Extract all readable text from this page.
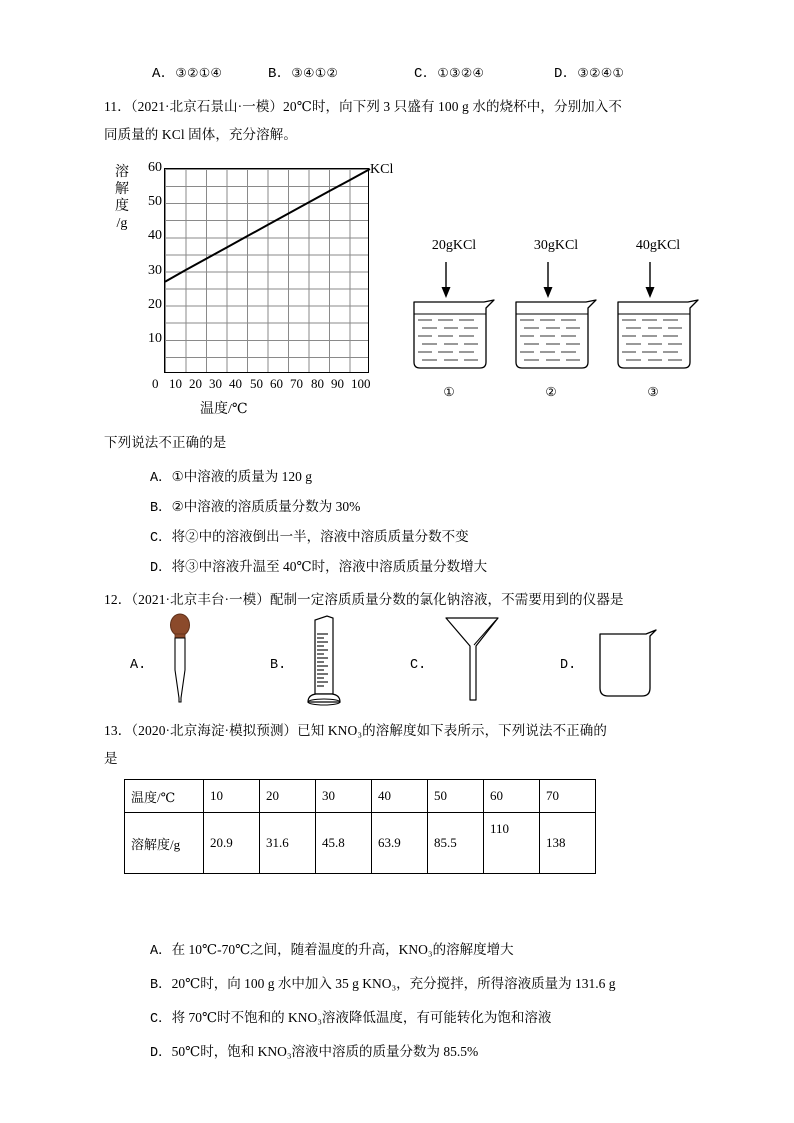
A．③②①④	B．③④①②	C．①③②④	D．③②④①
11．（2021·北京石景山·一模）20℃时，向下列 3 只盛有 100 g 水的烧杯中，分别加入不
同质量的 KCl 固体，充分溶解。
溶
解
度
/g
60
50
40
30
20
10
KCl
0 10 20 30 40 50 60 70 80 90 100
温度/℃
20gKCl
①
30gKCl
②
40gKCl
③
下列说法不正确的是
A．①中溶液的质量为 120 g
B．②中溶液的溶质质量分数为 30%
C．将②中的溶液倒出一半，溶液中溶质质量分数不变
D．将③中溶液升温至 40℃时，溶液中溶质质量分数增大
12．（2021·北京丰台·一模）配制一定溶质质量分数的氯化钠溶液，不需要用到的仪器是
A.	B.	C.	D.
13．（2020·北京海淀·模拟预测）已知 KNO₃的溶解度如下表所示，下列说法不正确的
是
温度/℃	10	20	30	40	50	60	70
溶解度/g	20.9	31.6	45.8	63.9	85.5	110	138
A．在 10℃-70℃之间，随着温度的升高，KNO₃的溶解度增大
B．20℃时，向 100 g 水中加入 35 g KNO₃，充分搅拌，所得溶液质量为 131.6 g
C．将 70℃时不饱和的 KNO₃溶液降低温度，有可能转化为饱和溶液
D．50℃时，饱和 KNO₃溶液中溶质的质量分数为 85.5%
